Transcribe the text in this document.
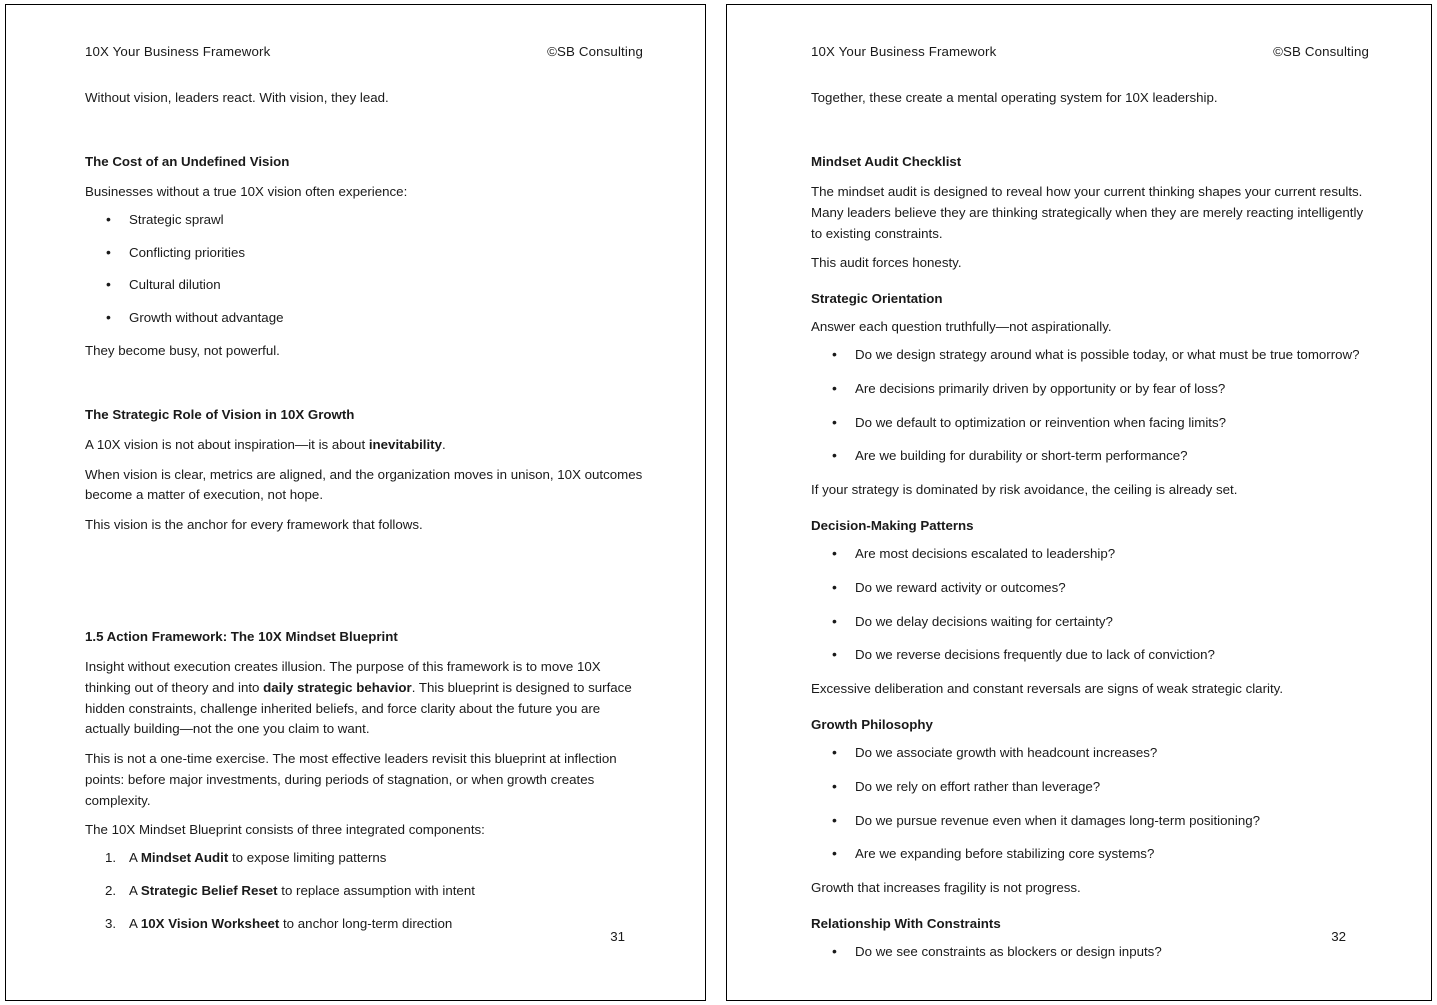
10X Your Business Framework	©SB Consulting

Without vision, leaders react. With vision, they lead.

The Cost of an Undefined Vision

Businesses without a true 10X vision often experience:

• Strategic sprawl
• Conflicting priorities
• Cultural dilution
• Growth without advantage

They become busy, not powerful.

The Strategic Role of Vision in 10X Growth

A 10X vision is not about inspiration—it is about inevitability.

When vision is clear, metrics are aligned, and the organization moves in unison, 10X outcomes become a matter of execution, not hope.

This vision is the anchor for every framework that follows.

1.5 Action Framework: The 10X Mindset Blueprint

Insight without execution creates illusion. The purpose of this framework is to move 10X thinking out of theory and into daily strategic behavior. This blueprint is designed to surface hidden constraints, challenge inherited beliefs, and force clarity about the future you are actually building—not the one you claim to want.

This is not a one-time exercise. The most effective leaders revisit this blueprint at inflection points: before major investments, during periods of stagnation, or when growth creates complexity.

The 10X Mindset Blueprint consists of three integrated components:

A Mindset Audit to expose limiting patterns
A Strategic Belief Reset to replace assumption with intent
A 10X Vision Worksheet to anchor long-term direction
31
10X Your Business Framework	©SB Consulting

Together, these create a mental operating system for 10X leadership.

Mindset Audit Checklist

The mindset audit is designed to reveal how your current thinking shapes your current results. Many leaders believe they are thinking strategically when they are merely reacting intelligently to existing constraints.

This audit forces honesty.

Strategic Orientation

Answer each question truthfully—not aspirationally.

• Do we design strategy around what is possible today, or what must be true tomorrow?
• Are decisions primarily driven by opportunity or by fear of loss?
• Do we default to optimization or reinvention when facing limits?
• Are we building for durability or short-term performance?

If your strategy is dominated by risk avoidance, the ceiling is already set.

Decision-Making Patterns
• Are most decisions escalated to leadership?
• Do we reward activity or outcomes?
• Do we delay decisions waiting for certainty?
• Do we reverse decisions frequently due to lack of conviction?

Excessive deliberation and constant reversals are signs of weak strategic clarity.

Growth Philosophy
• Do we associate growth with headcount increases?
• Do we rely on effort rather than leverage?
• Do we pursue revenue even when it damages long-term positioning?
• Are we expanding before stabilizing core systems?

Growth that increases fragility is not progress.

Relationship With Constraints
• Do we see constraints as blockers or design inputs?
32
